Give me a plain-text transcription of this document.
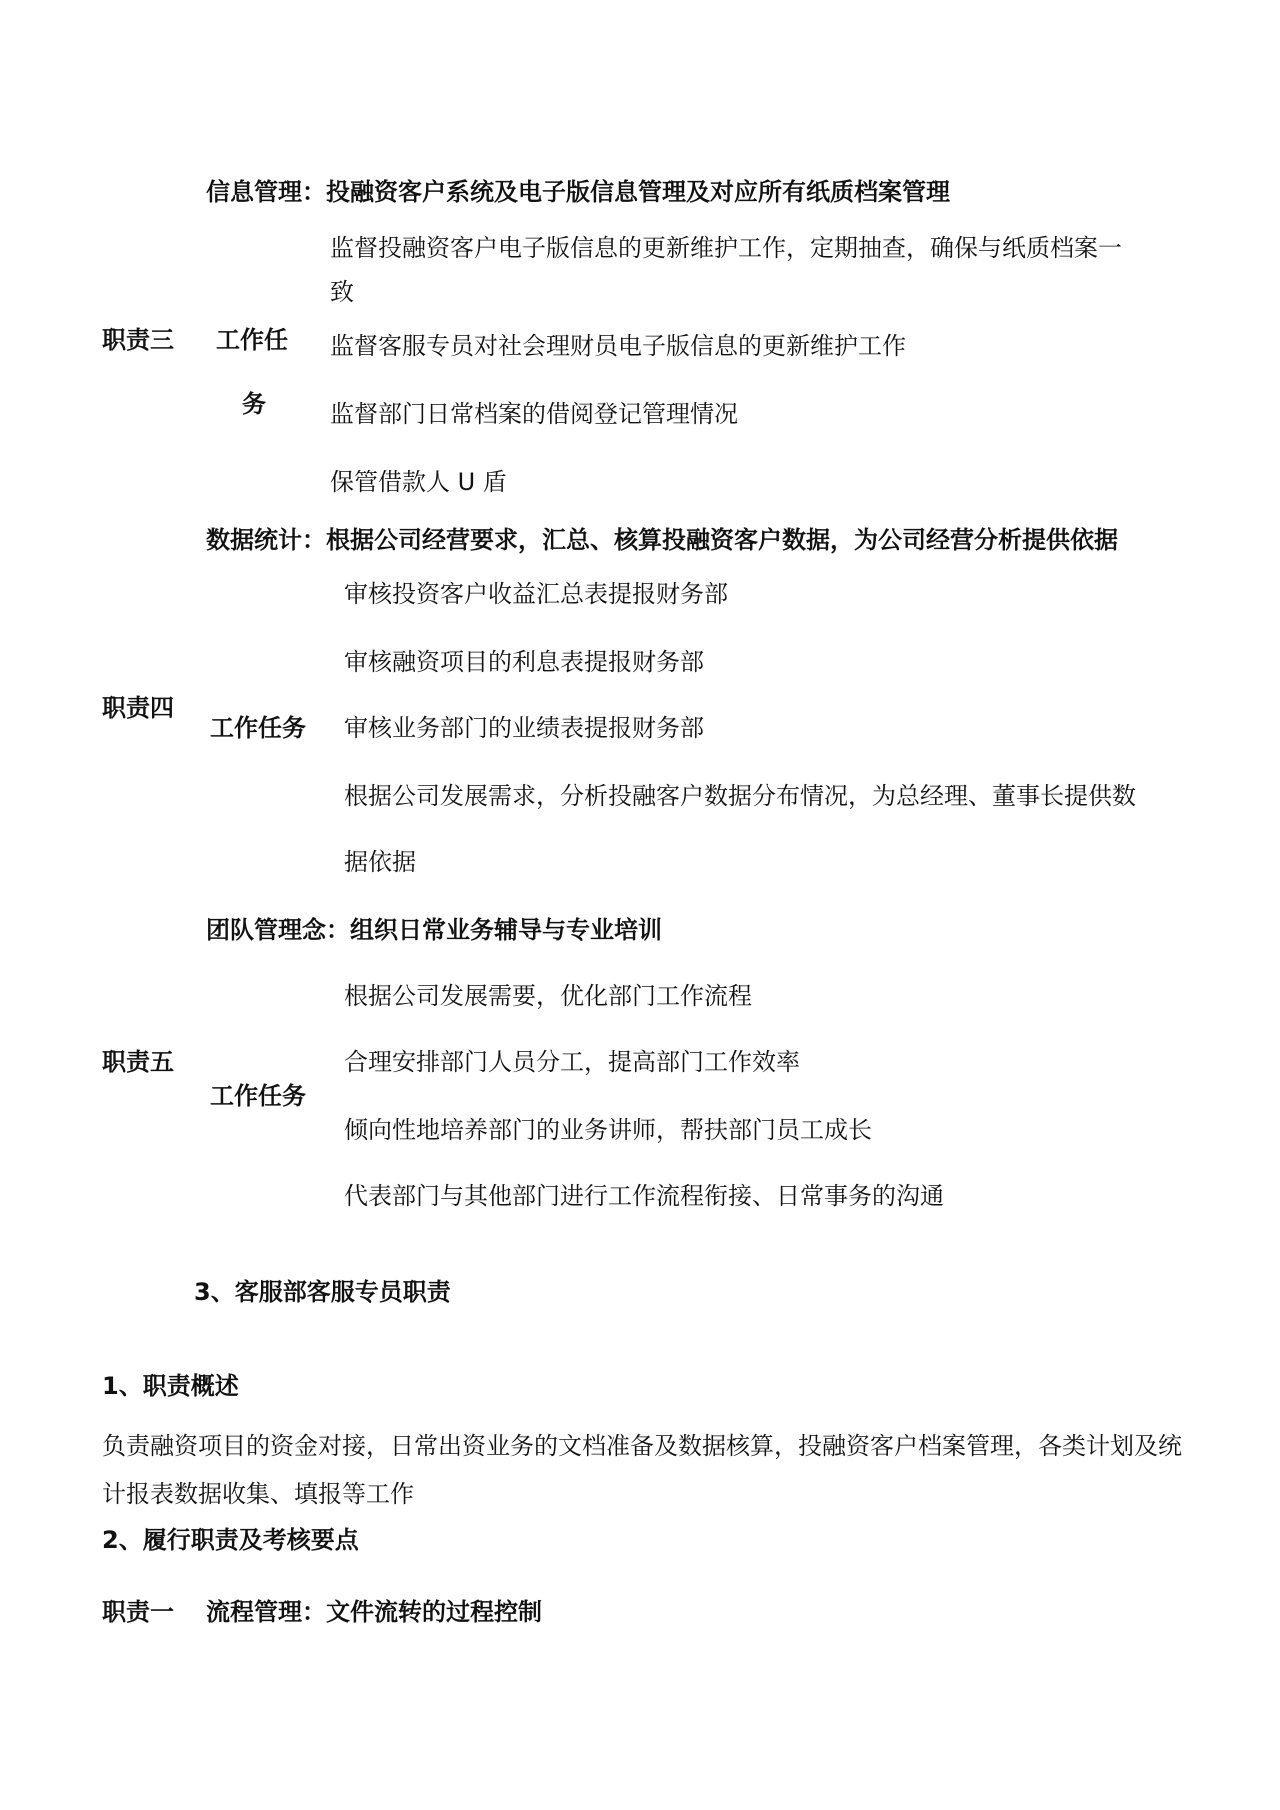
信息管理：投融资客户系统及电子版信息管理及对应所有纸质档案管理
监督投融资客户电子版信息的更新维护工作，定期抽查，确保与纸质档案一
致
职责三 工作任
务
监督客服专员对社会理财员电子版信息的更新维护工作
监督部门日常档案的借阅登记管理情况
保管借款人 U 盾
数据统计：根据公司经营要求，汇总、核算投融资客户数据，为公司经营分析提供依据
审核投资客户收益汇总表提报财务部
审核融资项目的利息表提报财务部
职责四
工作任务 审核业务部门的业绩表提报财务部
根据公司发展需求，分析投融客户数据分布情况，为总经理、董事长提供数
据依据
团队管理念：组织日常业务辅导与专业培训
根据公司发展需要，优化部门工作流程
职责五	合理安排部门人员分工，提高部门工作效率
工作任务
倾向性地培养部门的业务讲师，帮扶部门员工成长
代表部门与其他部门进行工作流程衔接、日常事务的沟通
3、客服部客服专员职责
1、职责概述
负责融资项目的资金对接，日常出资业务的文档准备及数据核算，投融资客户档案管理，各类计划及统计报表数据收集、填报等工作
2、履行职责及考核要点
职责一 流程管理：文件流转的过程控制
